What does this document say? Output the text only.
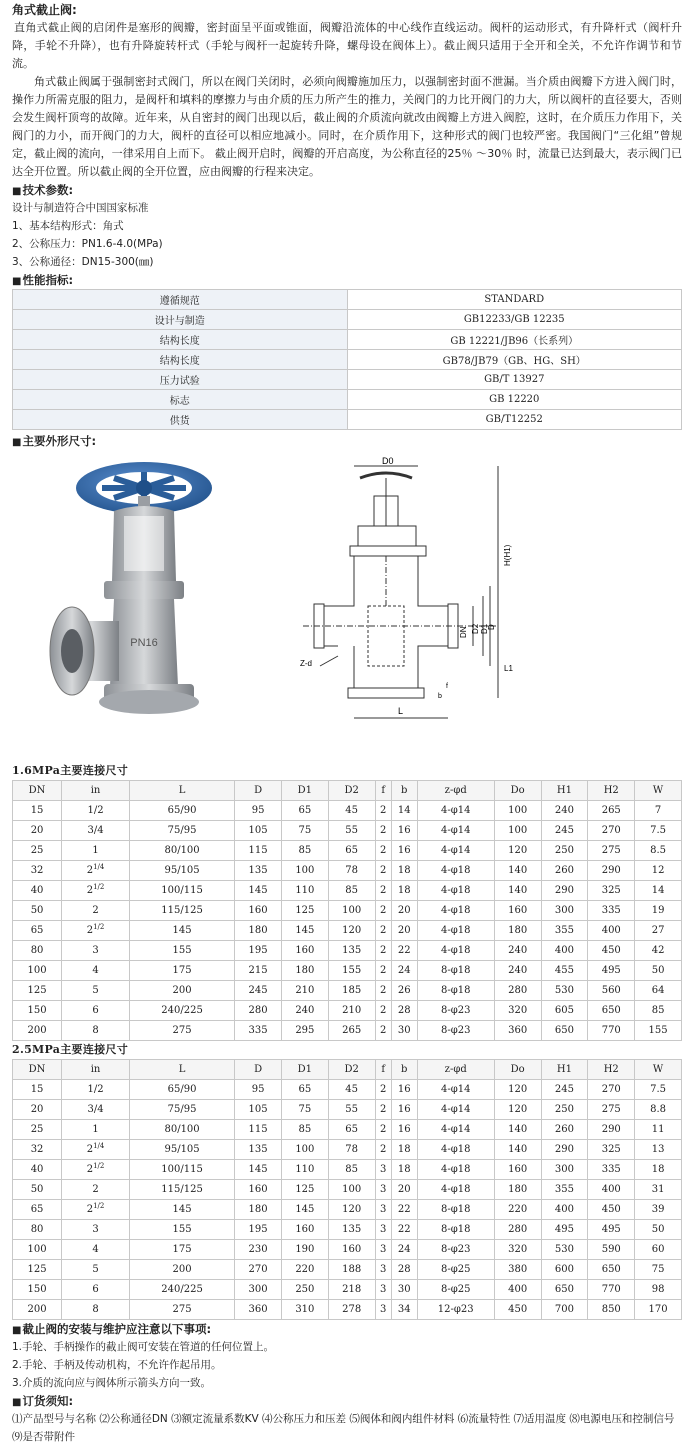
角式截止阀:

直角式截止阀的启闭件是塞形的阀瓣，密封面呈平面或锥面，阀瓣沿流体的中心线作直线运动。阀杆的运动形式，有升降杆式（阀杆升降，手轮不升降），也有升降旋转杆式（手轮与阀杆一起旋转升降，螺母设在阀体上）。截止阀只适用于全开和全关，不允许作调节和节流。

角式截止阀属于强制密封式阀门，所以在阀门关闭时，必须向阀瓣施加压力，以强制密封面不泄漏。当介质由阀瓣下方进入阀门时，操作力所需克服的阻力，是阀杆和填料的摩擦力与由介质的压力所产生的推力，关阀门的力比开阀门的力大，所以阀杆的直径要大，否则会发生阀杆顶弯的故障。近年来，从自密封的阀门出现以后，截止阀的介质流向就改由阀瓣上方进入阀腔，这时，在介质压力作用下，关阀门的力小，而开阀门的力大，阀杆的直径可以相应地减小。同时，在介质作用下，这种形式的阀门也较严密。我国阀门“三化組”曾规定，截止阀的流向，一律采用自上而下。 截止阀开启时，阀瓣的开启高度，为公称直径的25％ ～30％ 时，流量已达到最大，表示阀门已达全开位置。所以截止阀的全开位置，应由阀瓣的行程来决定。

■ 技术参数:
设计与制造符合中国国家标准
1、基本结构形式：角式
2、公称压力：PN1.6-4.0(MPa)
3、公称通径：DN15-300(㎜)
■ 性能指标:
遵循规范	STANDARD
设计与制造	GB12233/GB 12235
结构长度	GB 12221/JB96（长系列）
结构长度	GB78/JB79（GB、HG、SH）
压力试验	GB/T 13927
标志	GB 12220
供货	GB/T12252
■ 主要外形尺寸:
PN16
D0
H(H1)
DN D2 D1
D
L1
L
Z-d
b
f
1.6MPa主要连接尺寸
DN	in	L	D	D1	D2	f	b	z-φd	Do	H1	H2	W
15	1/2	65/90	95	65	45	2	14	4-φ14	100	240	265	7
20	3/4	75/95	105	75	55	2	16	4-φ14	100	245	270	7.5
25	1	80/100	115	85	65	2	16	4-φ14	120	250	275	8.5
32	$2^{1/4}$	95/105	135	100	78	2	18	4-φ18	140	260	290	12
40	$2^{1/2}$	100/115	145	110	85	2	18	4-φ18	140	290	325	14
50	2	115/125	160	125	100	2	20	4-φ18	160	300	335	19
65	$2^{1/2}$	145	180	145	120	2	20	4-φ18	180	355	400	27
80	3	155	195	160	135	2	22	4-φ18	240	400	450	42
100	4	175	215	180	155	2	24	8-φ18	240	455	495	50
125	5	200	245	210	185	2	26	8-φ18	280	530	560	64
150	6	240/225	280	240	210	2	28	8-φ23	320	605	650	85
200	8	275	335	295	265	2	30	8-φ23	360	650	770	155
2.5MPa主要连接尺寸
DN	in	L	D	D1	D2	f	b	z-φd	Do	H1	H2	W
15	1/2	65/90	95	65	45	2	16	4-φ14	120	245	270	7.5
20	3/4	75/95	105	75	55	2	16	4-φ14	120	250	275	8.8
25	1	80/100	115	85	65	2	16	4-φ14	140	260	290	11
32	$2^{1/4}$	95/105	135	100	78	2	18	4-φ18	140	290	325	13
40	$2^{1/2}$	100/115	145	110	85	3	18	4-φ18	160	300	335	18
50	2	115/125	160	125	100	3	20	4-φ18	180	355	400	31
65	$2^{1/2}$	145	180	145	120	3	22	8-φ18	220	400	450	39
80	3	155	195	160	135	3	22	8-φ18	280	495	495	50
100	4	175	230	190	160	3	24	8-φ23	320	530	590	60
125	5	200	270	220	188	3	28	8-φ25	380	600	650	75
150	6	240/225	300	250	218	3	30	8-φ25	400	650	770	98
200	8	275	360	310	278	3	34	12-φ23	450	700	850	170
■ 截止阀的安装与维护应注意以下事项:
1.手轮、手柄操作的截止阀可安装在管道的任何位置上。
2.手轮、手柄及传动机构，不允许作起吊用。
3.介质的流向应与阀体所示箭头方向一致。
■ 订货须知:
⑴产品型号与名称 ⑵公称通径DN ⑶额定流量系数KV ⑷公称压力和压差 ⑸阀体和阀内组件材料 ⑹流量特性 ⑺适用温度 ⑻电源电压和控制信号 ⑼是否带附件
